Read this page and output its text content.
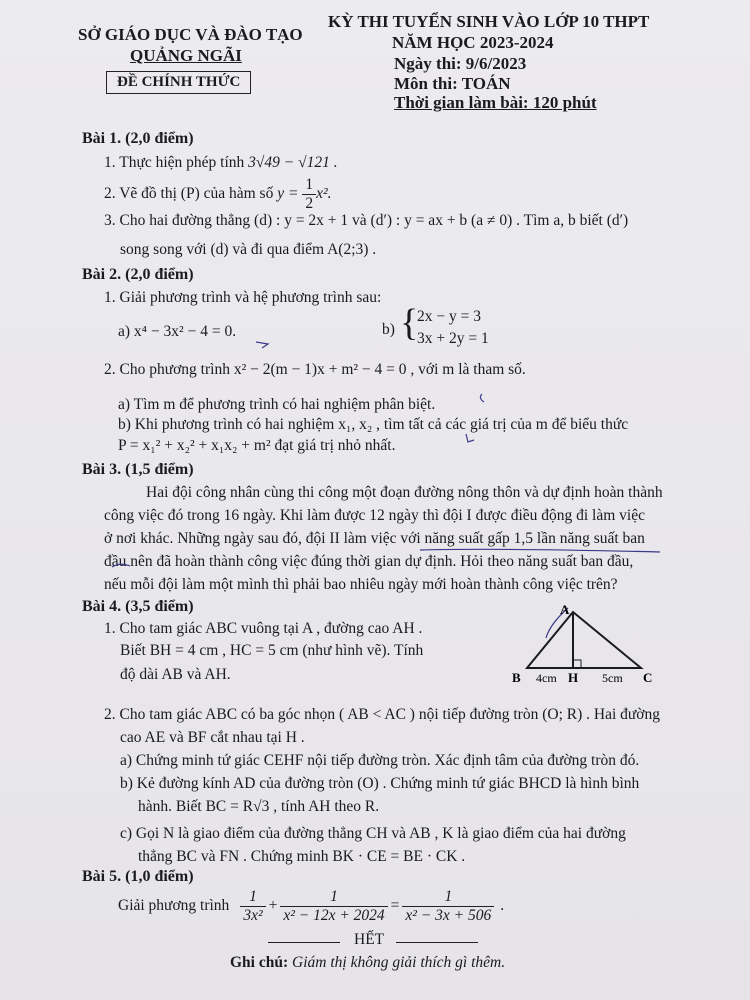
SỞ GIÁO DỤC VÀ ĐÀO TẠO
QUẢNG NGÃI
ĐỀ CHÍNH THỨC
KỲ THI TUYỂN SINH VÀO LỚP 10 THPT
NĂM HỌC 2023-2024
Ngày thi: 9/6/2023
Môn thi: TOÁN
Thời gian làm bài: 120 phút
Bài 1. (2,0 điểm)
1. Thực hiện phép tính 3√49 − √121 .
2. Vẽ đồ thị (P) của hàm số $y = \frac{1}{2} x^2$.
3. Cho hai đường thẳng (d) : y = 2x + 1 và (d′) : y = ax + b (a ≠ 0) . Tìm a, b biết (d′)
song song với (d) và đi qua điểm A(2;3) .
Bài 2. (2,0 điểm)
1. Giải phương trình và hệ phương trình sau:
a) x⁴ − 3x² − 4 = 0.	b) {
2x − y = 3
3x + 2y = 1
2. Cho phương trình x² − 2(m − 1)x + m² − 4 = 0 , với m là tham số.
a) Tìm m để phương trình có hai nghiệm phân biệt.
b) Khi phương trình có hai nghiệm x₁, x₂ , tìm tất cả các giá trị của m để biểu thức
P = x₁² + x₂² + x₁x₂ + m² đạt giá trị nhỏ nhất.
Bài 3. (1,5 điểm)
Hai đội công nhân cùng thi công một đoạn đường nông thôn và dự định hoàn thành
công việc đó trong 16 ngày. Khi làm được 12 ngày thì đội I được điều động đi làm việc
ở nơi khác. Những ngày sau đó, đội II làm việc với năng suất gấp 1,5 lần năng suất ban
đầu nên đã hoàn thành công việc đúng thời gian dự định. Hỏi theo năng suất ban đầu,
nếu mỗi đội làm một mình thì phải bao nhiêu ngày mới hoàn thành công việc trên?
Bài 4. (3,5 điểm)
1. Cho tam giác ABC vuông tại A , đường cao AH .
Biết BH = 4 cm , HC = 5 cm (như hình vẽ). Tính
độ dài AB và AH.
A
B 4cm H 5cm C
2. Cho tam giác ABC có ba góc nhọn ( AB < AC ) nội tiếp đường tròn (O; R) . Hai đường
cao AE và BF cắt nhau tại H .
a) Chứng minh tứ giác CEHF nội tiếp đường tròn. Xác định tâm của đường tròn đó.
b) Kẻ đường kính AD của đường tròn (O) . Chứng minh tứ giác BHCD là hình bình
hành. Biết BC = R√3 , tính AH theo R.
c) Gọi N là giao điểm của đường thẳng CH và AB , K là giao điểm của hai đường
thẳng BC và FN . Chứng minh BK · CE = BE · CK .
Bài 5. (1,0 điểm)
Giải phương trình $\frac{1}{\text{3x²}} + \frac{1}{\text{x² − 12x + 2024}} = \frac{1}{\text{x² − 3x + 506}}$ .
HẾT
Ghi chú: Giám thị không giải thích gì thêm.
